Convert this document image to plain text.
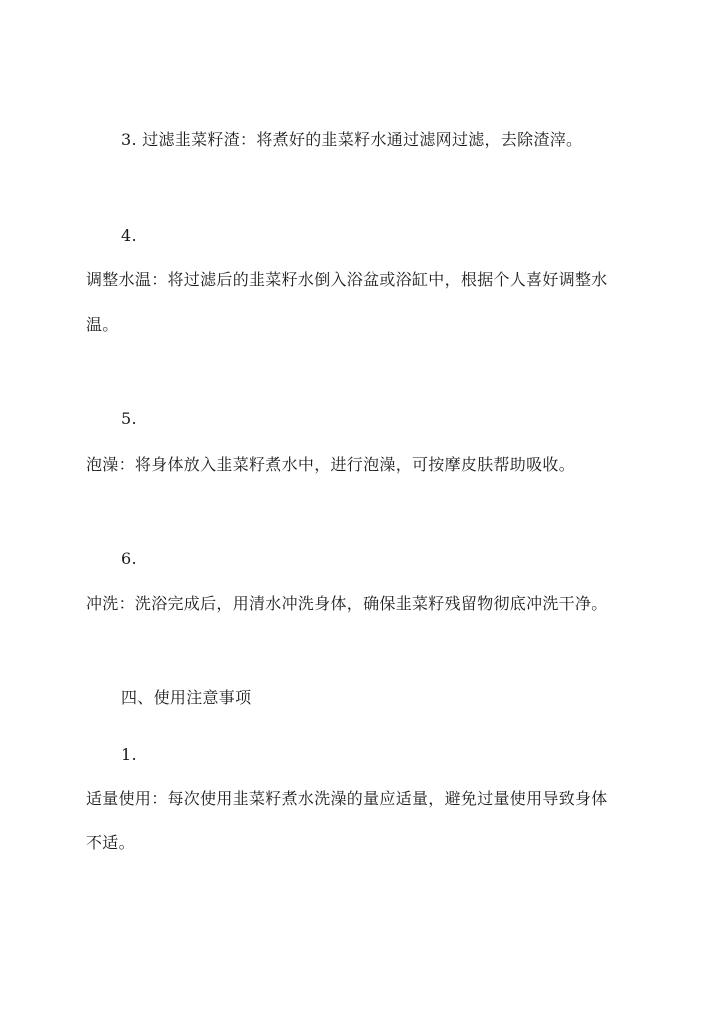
3. 过滤韭菜籽渣：将煮好的韭菜籽水通过滤网过滤，去除渣滓。
4.
调整水温：将过滤后的韭菜籽水倒入浴盆或浴缸中，根据个人喜好调整水
温。
5.
泡澡：将身体放入韭菜籽煮水中，进行泡澡，可按摩皮肤帮助吸收。
6.
冲洗：洗浴完成后，用清水冲洗身体，确保韭菜籽残留物彻底冲洗干净。
四、使用注意事项
1.
适量使用：每次使用韭菜籽煮水洗澡的量应适量，避免过量使用导致身体
不适。
